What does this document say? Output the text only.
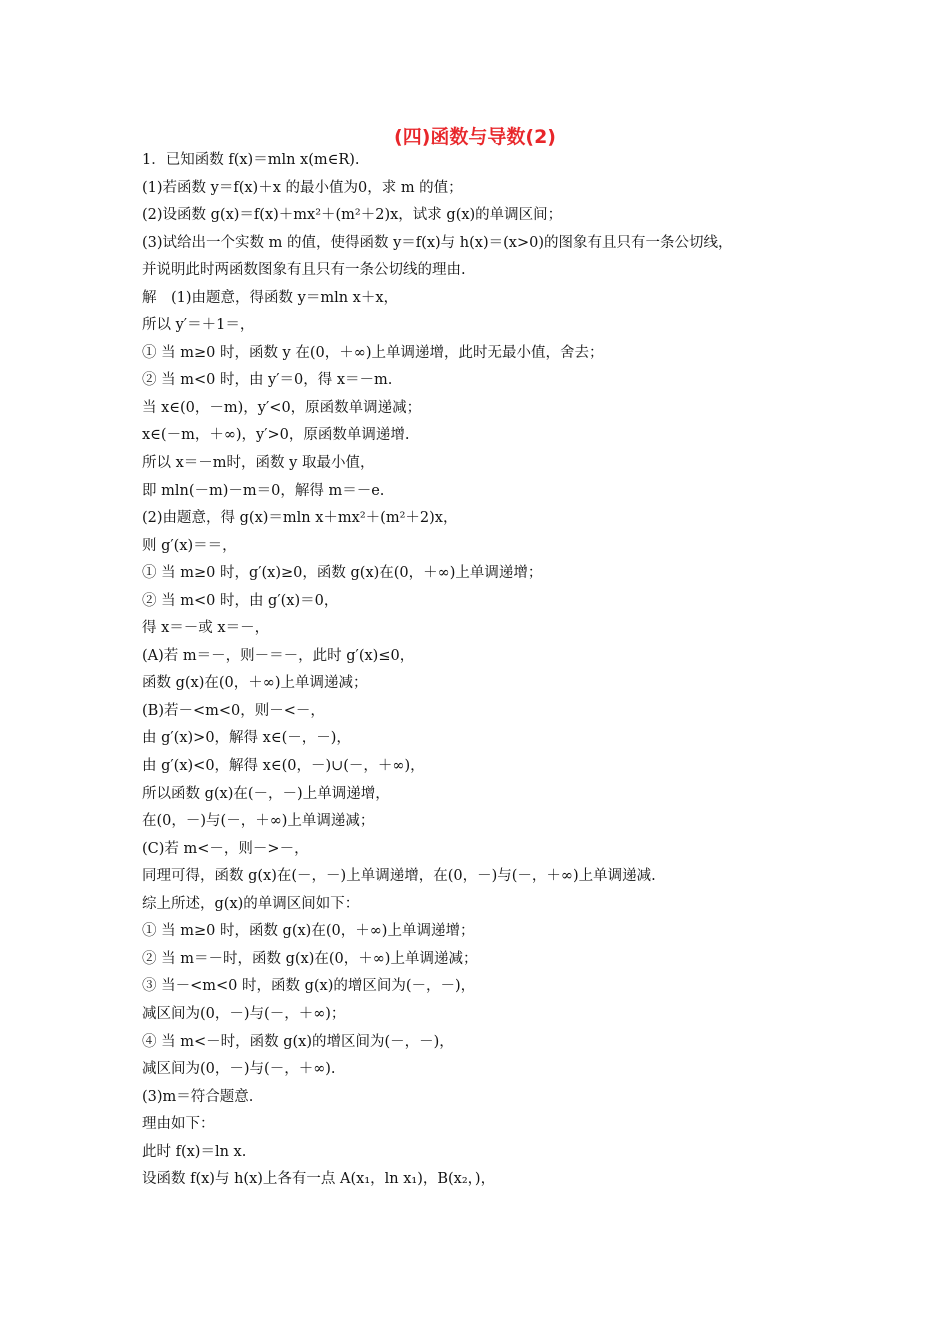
(四)函数与导数(2)
1．已知函数 f(x)＝mln x(m∈R).
(1)若函数 y＝f(x)＋x 的最小值为0，求 m 的值；
(2)设函数 g(x)＝f(x)＋mx²＋(m²＋2)x，试求 g(x)的单调区间；
(3)试给出一个实数 m 的值，使得函数 y＝f(x)与 h(x)＝(x>0)的图象有且只有一条公切线，
并说明此时两函数图象有且只有一条公切线的理由.
解　(1)由题意，得函数 y＝mln x＋x，
所以 y′＝＋1＝，
① 当 m≥0 时，函数 y 在(0，＋∞)上单调递增，此时无最小值，舍去；
② 当 m<0 时，由 y′＝0，得 x＝－m.
当 x∈(0，－m)，y′<0，原函数单调递减；
x∈(－m，＋∞)，y′>0，原函数单调递增.
所以 x＝－m时，函数 y 取最小值，
即 mln(－m)－m＝0，解得 m＝－e.
(2)由题意，得 g(x)＝mln x＋mx²＋(m²＋2)x，
则 g′(x)＝＝，
① 当 m≥0 时，g′(x)≥0，函数 g(x)在(0，＋∞)上单调递增；
② 当 m<0 时，由 g′(x)＝0，
得 x＝－或 x＝－，
(A)若 m＝－，则－＝－，此时 g′(x)≤0，
函数 g(x)在(0，＋∞)上单调递减；
(B)若－<m<0，则－<－，
由 g′(x)>0，解得 x∈(－，－)，
由 g′(x)<0，解得 x∈(0，－)∪(－，＋∞)，
所以函数 g(x)在(－，－)上单调递增，
在(0，－)与(－，＋∞)上单调递减；
(C)若 m<－，则－>－，
同理可得，函数 g(x)在(－，－)上单调递增，在(0，－)与(－，＋∞)上单调递减.
综上所述，g(x)的单调区间如下：
① 当 m≥0 时，函数 g(x)在(0，＋∞)上单调递增；
② 当 m＝－时，函数 g(x)在(0，＋∞)上单调递减；
③ 当－<m<0 时，函数 g(x)的增区间为(－，－)，
减区间为(0，－)与(－，＋∞)；
④ 当 m<－时，函数 g(x)的增区间为(－，－)，
减区间为(0，－)与(－，＋∞).
(3)m＝符合题意.
理由如下：
此时 f(x)＝ln x.
设函数 f(x)与 h(x)上各有一点 A(x₁，ln x₁)，B(x₂，)，
